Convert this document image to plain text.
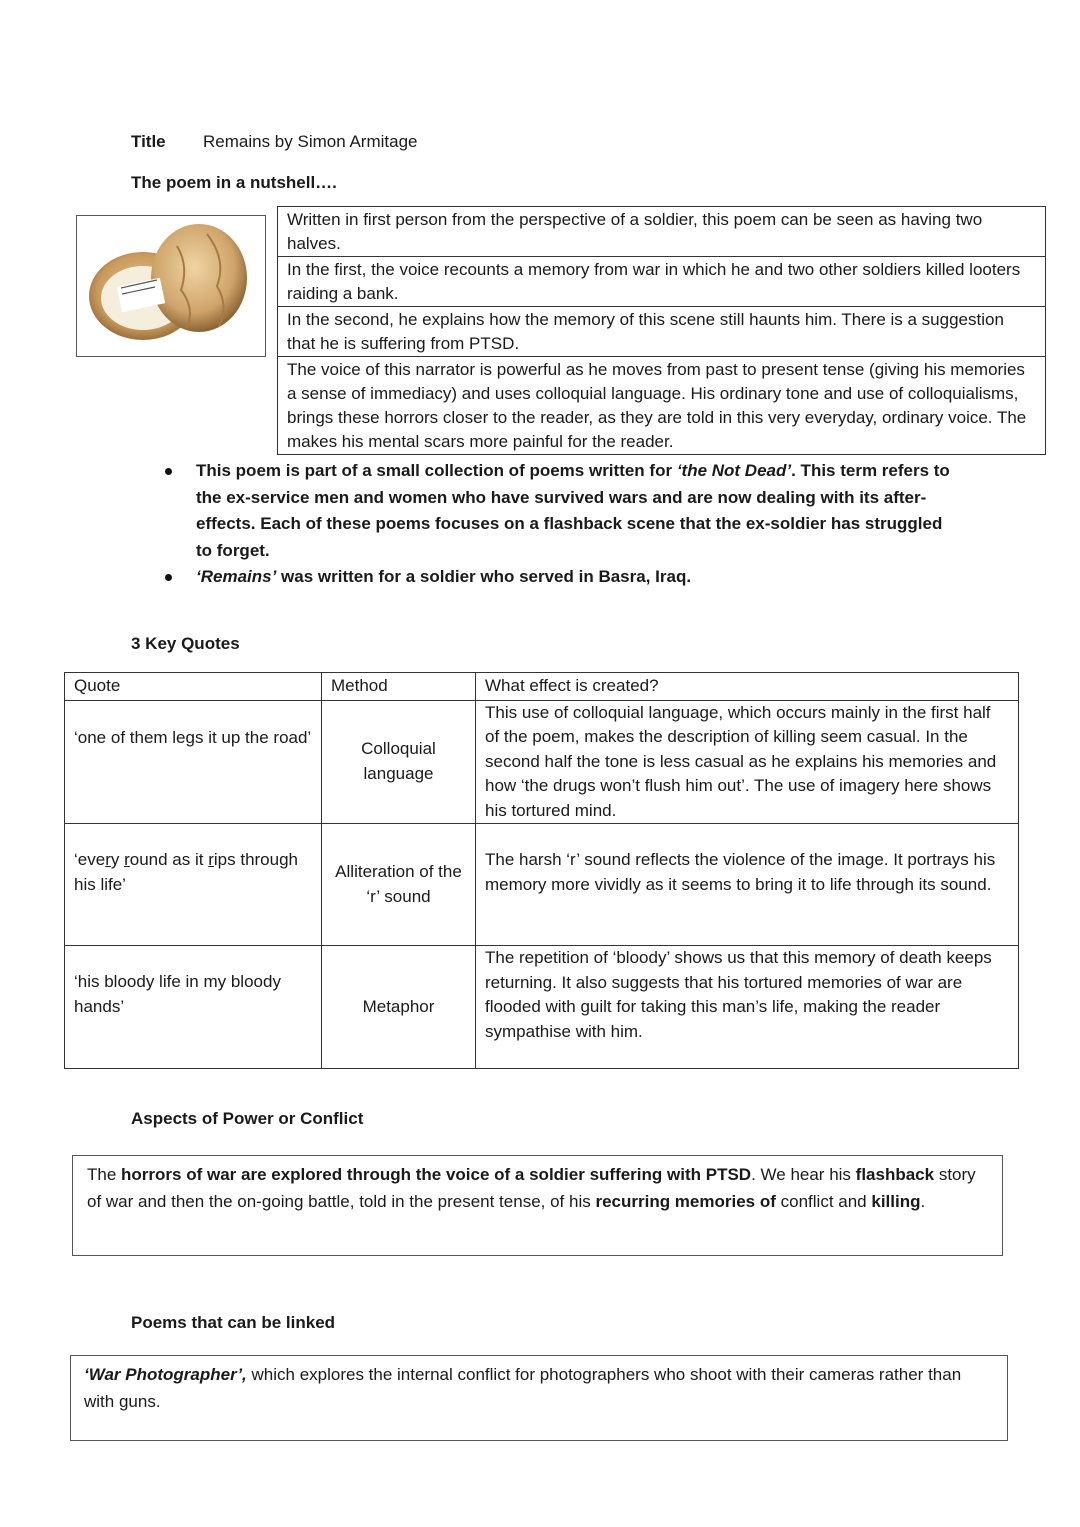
Title Remains by Simon Armitage
The poem in a nutshell….
Written in first person from the perspective of a soldier, this poem can be seen as having two halves.
In the first, the voice recounts a memory from war in which he and two other soldiers killed looters raiding a bank.
In the second, he explains how the memory of this scene still haunts him. There is a suggestion that he is suffering from PTSD.
The voice of this narrator is powerful as he moves from past to present tense (giving his memories a sense of immediacy) and uses colloquial language. His ordinary tone and use of colloquialisms, brings these horrors closer to the reader, as they are told in this very everyday, ordinary voice. The makes his mental scars more painful for the reader.
This poem is part of a small collection of poems written for ‘the Not Dead’. This term refers to the ex-service men and women who have survived wars and are now dealing with its after-effects. Each of these poems focuses on a flashback scene that the ex-soldier has struggled to forget.
‘Remains’ was written for a soldier who served in Basra, Iraq.
3 Key Quotes
Quote	Method	What effect is created?
‘one of them legs it up the road’	Colloquial language	This use of colloquial language, which occurs mainly in the first half of the poem, makes the description of killing seem casual. In the second half the tone is less casual as he explains his memories and how ‘the drugs won’t flush him out’. The use of imagery here shows his tortured mind.
‘every round as it rips through his life’	Alliteration of the ‘r’ sound	The harsh ‘r’ sound reflects the violence of the image. It portrays his memory more vividly as it seems to bring it to life through its sound.
‘his bloody life in my bloody hands’	Metaphor	The repetition of ‘bloody’ shows us that this memory of death keeps returning. It also suggests that his tortured memories of war are flooded with guilt for taking this man’s life, making the reader sympathise with him.
Aspects of Power or Conflict
The horrors of war are explored through the voice of a soldier suffering with PTSD. We hear his flashback story of war and then the on-going battle, told in the present tense, of his recurring memories of conflict and killing.
Poems that can be linked
‘War Photographer’, which explores the internal conflict for photographers who shoot with their cameras rather than with guns.
